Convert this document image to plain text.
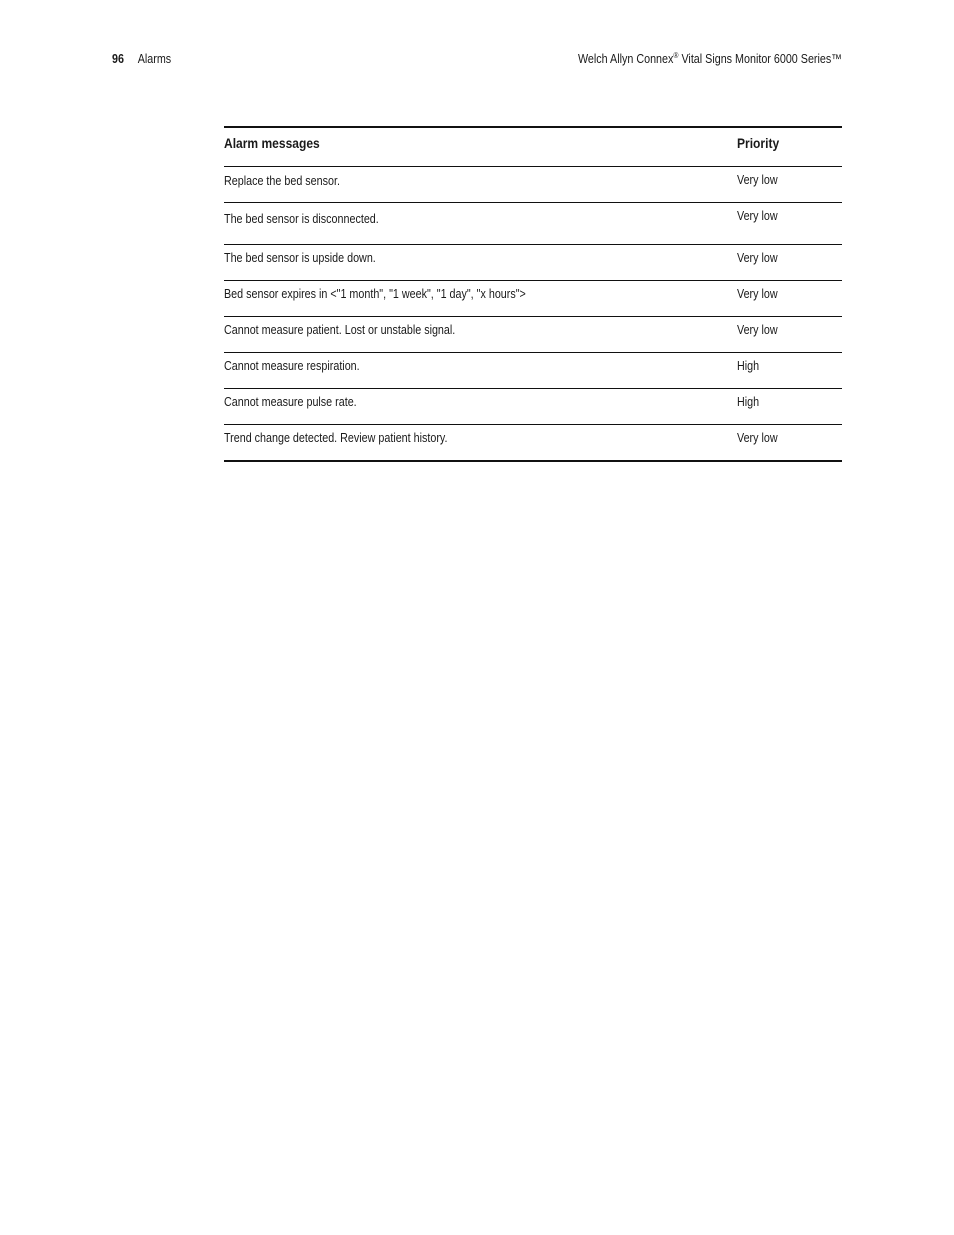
96 Alarms	Welch Allyn Connex® Vital Signs Monitor 6000 Series™
Alarm messages	Priority
Replace the bed sensor.	Very low
The bed sensor is disconnected.	Very low
The bed sensor is upside down.	Very low
Bed sensor expires in <"1 month", "1 week", "1 day", "x hours">	Very low
Cannot measure patient. Lost or unstable signal.	Very low
Cannot measure respiration.	High
Cannot measure pulse rate.	High
Trend change detected. Review patient history.	Very low
